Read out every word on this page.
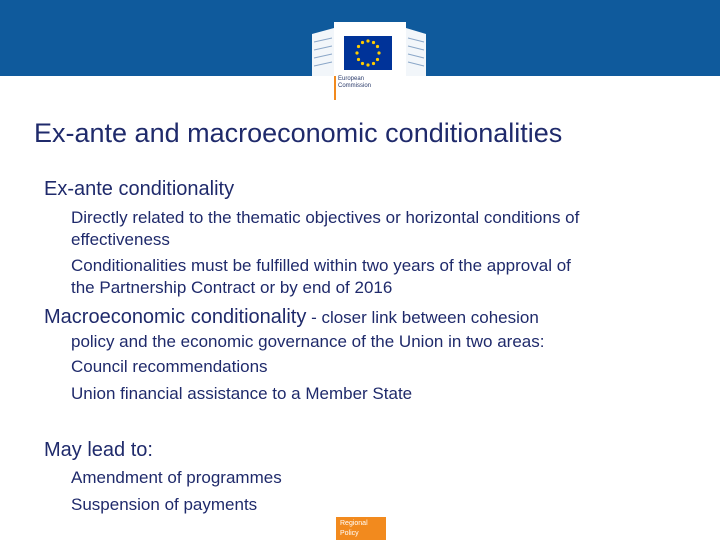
European
Commission
Ex-ante and macroeconomic conditionalities
Ex-ante conditionality
Directly related to the thematic objectives or horizontal conditions of
effectiveness
Conditionalities must be fulfilled within two years of the approval of
the Partnership Contract or by end of 2016
Macroeconomic conditionality - closer link between cohesion
policy and the economic governance of the Union in two areas:
Council recommendations
Union financial assistance to a Member State
May lead to:
Amendment of programmes
Suspension of payments
Regional
Policy
